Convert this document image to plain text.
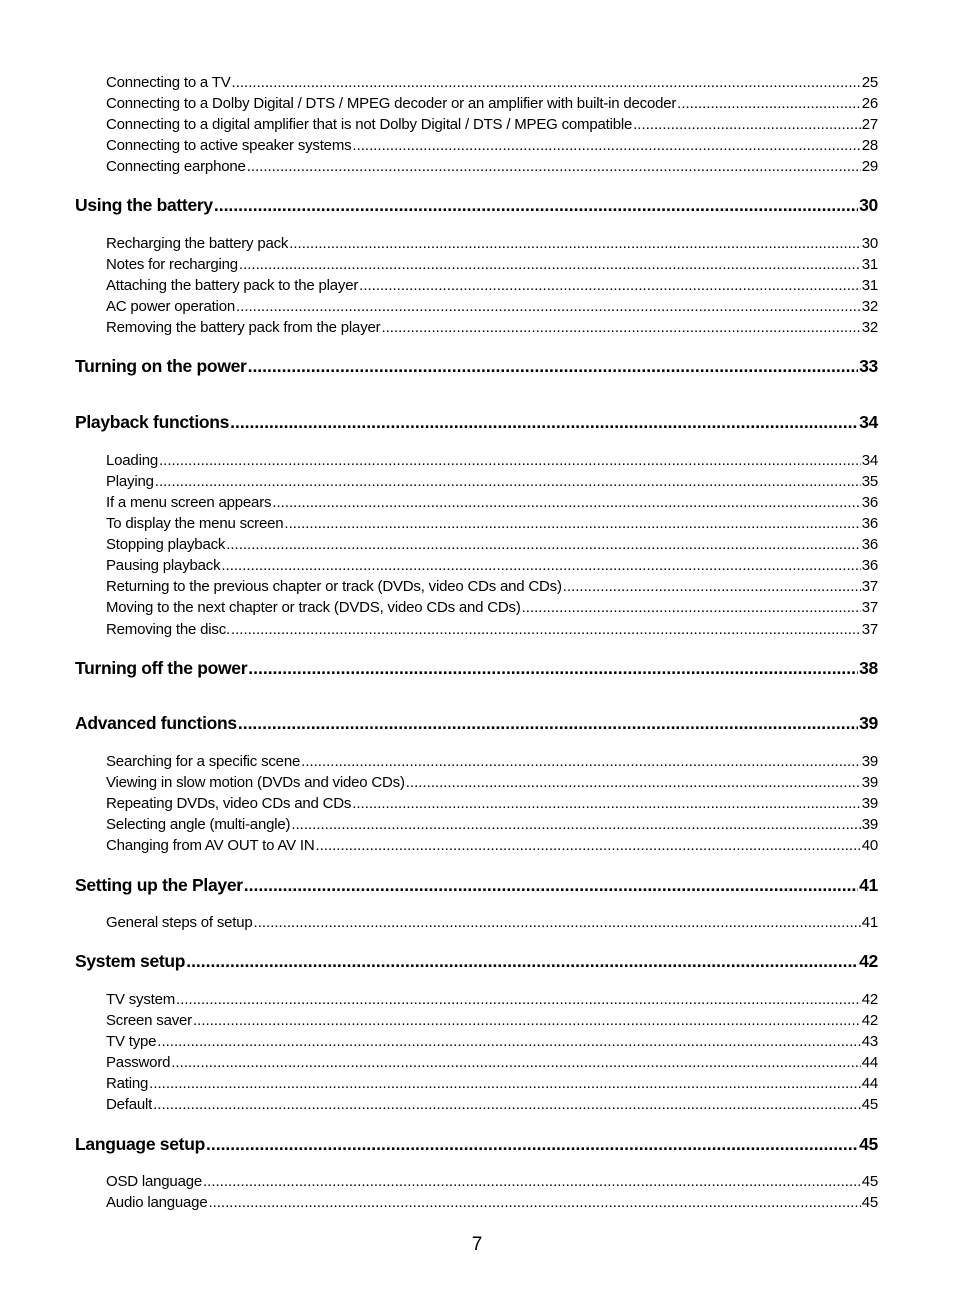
Connecting to a TV .....	25
Connecting to a Dolby Digital / DTS / MPEG decoder or an amplifier with built-in decoder .....	26
Connecting to a digital amplifier that is not Dolby Digital / DTS / MPEG compatible .....	27
Connecting to active speaker systems .....	28
Connecting earphone .....	29
Using the battery .....	30
Recharging the battery pack .....	30
Notes for recharging .....	31
Attaching the battery pack to the player .....	31
AC power operation .....	32
Removing the battery pack from the player .....	32
Turning on the power .....	33
Playback functions .....	34
Loading .....	34
Playing .....	35
If a menu screen appears .....	36
To display the menu screen .....	36
Stopping playback .....	36
Pausing playback .....	36
Returning to the previous chapter or track (DVDs, video CDs and CDs) .....	37
Moving to the next chapter or track (DVDS, video CDs and CDs) .....	37
Removing the disc. .....	37
Turning off the power .....	38
Advanced functions .....	39
Searching for a specific scene .....	39
Viewing in slow motion (DVDs and video CDs) .....	39
Repeating DVDs, video CDs and CDs .....	39
Selecting angle (multi-angle) .....	39
Changing from AV OUT to AV IN .....	40
Setting up the Player .....	41
General steps of setup .....	41
System setup .....	42
TV system .....	42
Screen saver .....	42
TV type .....	43
Password .....	44
Rating .....	44
Default .....	45
Language setup .....	45
OSD language .....	45
Audio language .....	45
7
